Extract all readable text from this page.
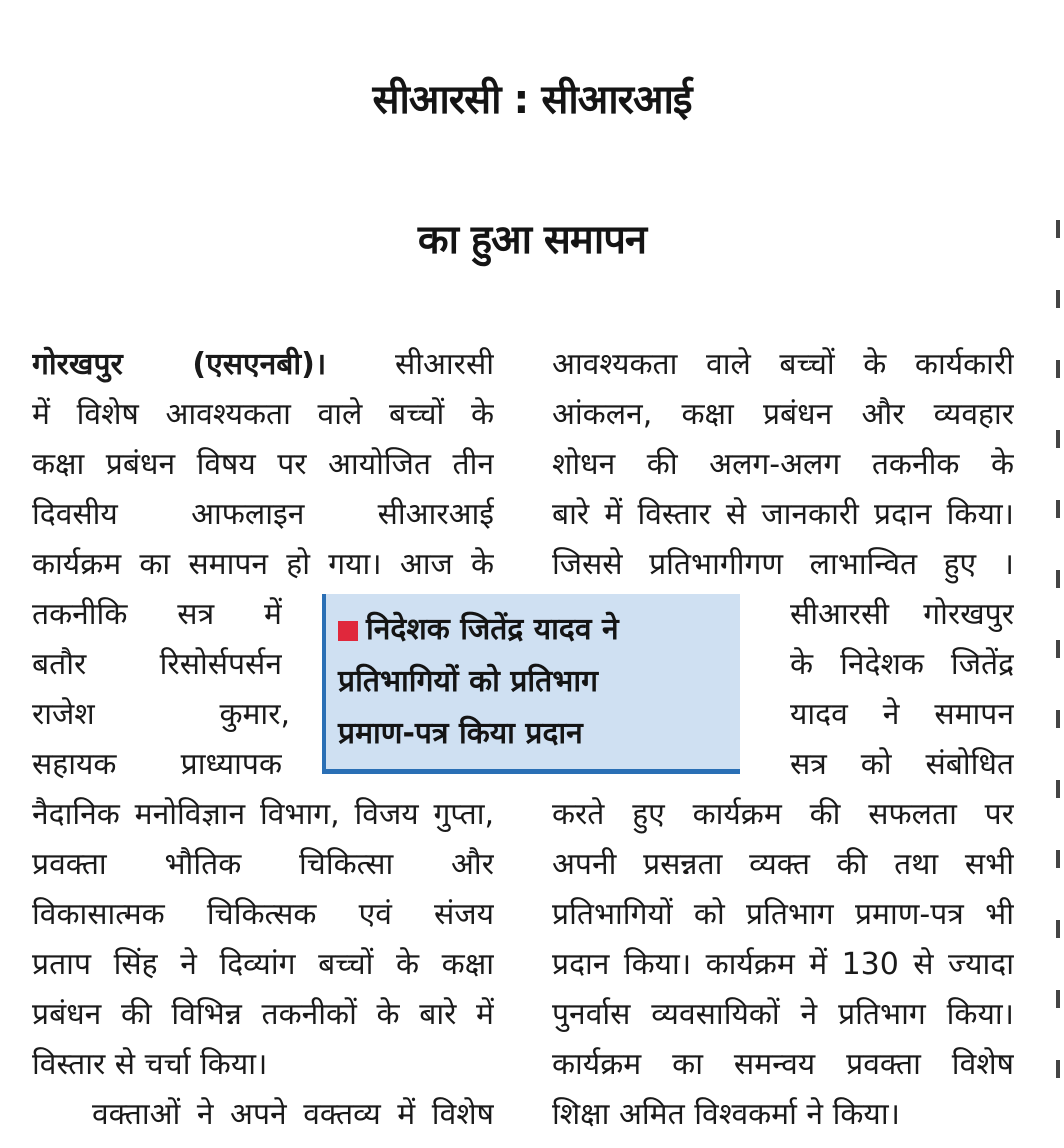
सीआरसी : सीआरआई
का हुआ समापन
गोरखपुर (एसएनबी)। सीआरसी
में विशेष आवश्यकता वाले बच्चों के
कक्षा प्रबंधन विषय पर आयोजित तीन
दिवसीय आफलाइन सीआरआई
कार्यक्रम का समापन हो गया। आज के
तकनीकि सत्र में
बतौर रिसोर्सपर्सन
राजेश कुमार,
सहायक प्राध्यापक
नैदानिक मनोविज्ञान विभाग, विजय गुप्ता,
प्रवक्ता भौतिक चिकित्सा और
विकासात्मक चिकित्सक एवं संजय
प्रताप सिंह ने दिव्यांग बच्चों के कक्षा
प्रबंधन की विभिन्न तकनीकों के बारे में
विस्तार से चर्चा किया।
वक्ताओं ने अपने वक्तव्य में विशेष
आवश्यकता वाले बच्चों के कार्यकारी
आंकलन, कक्षा प्रबंधन और व्यवहार
शोधन की अलग-अलग तकनीक के
बारे में विस्तार से जानकारी प्रदान किया।
जिससे प्रतिभागीगण लाभान्वित हुए ।
सीआरसी गोरखपुर
के निदेशक जितेंद्र
यादव ने समापन
सत्र को संबोधित
करते हुए कार्यक्रम की सफलता पर
अपनी प्रसन्नता व्यक्त की तथा सभी
प्रतिभागियों को प्रतिभाग प्रमाण-पत्र भी
प्रदान किया। कार्यक्रम में 130 से ज्यादा
पुनर्वास व्यवसायिकों ने प्रतिभाग किया।
कार्यक्रम का समन्वय प्रवक्ता विशेष
शिक्षा अमित विश्वकर्मा ने किया।
निदेशक जितेंद्र यादव ने
प्रतिभागियों को प्रतिभाग
प्रमाण-पत्र किया प्रदान
